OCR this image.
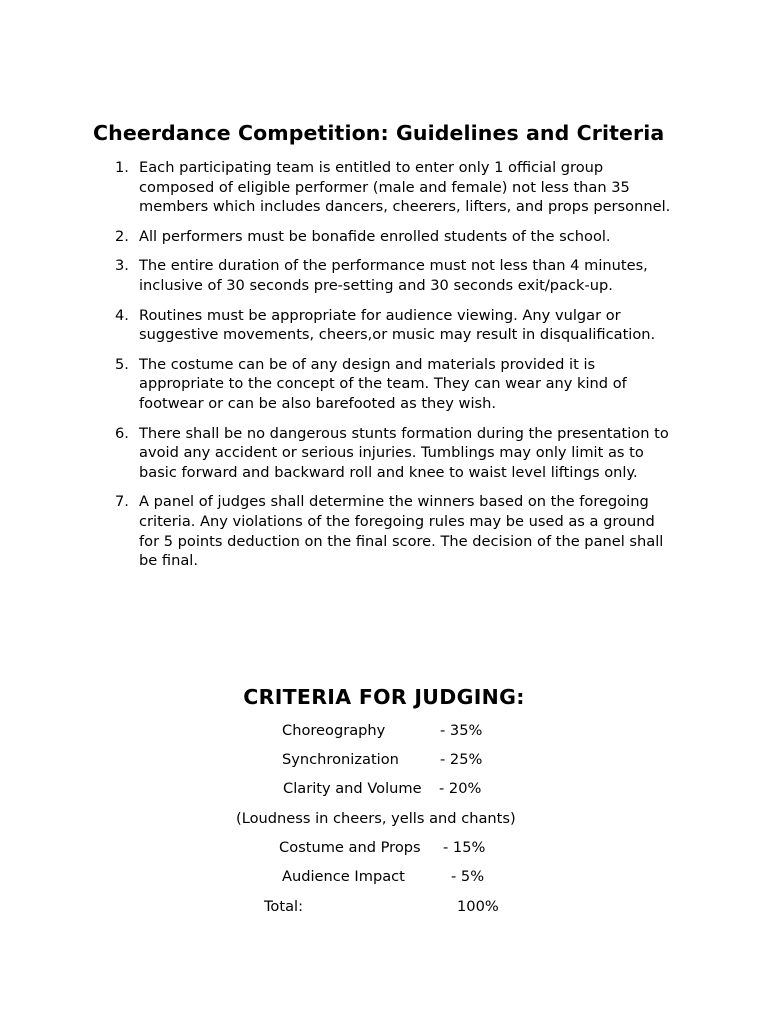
Cheerdance Competition: Guidelines and Criteria
1. Each participating team is entitled to enter only 1 official group composed of eligible performer (male and female) not less than 35 members which includes dancers, cheerers, lifters, and props personnel.
2. All performers must be bonafide enrolled students of the school.
3. The entire duration of the performance must not less than 4 minutes, inclusive of 30 seconds pre-setting and 30 seconds exit/pack-up.
4. Routines must be appropriate for audience viewing. Any vulgar or suggestive movements, cheers,or music may result in disqualification.
5. The costume can be of any design and materials provided it is appropriate to the concept of the team. They can wear any kind of footwear or can be also barefooted as they wish.
6. There shall be no dangerous stunts formation during the presentation to avoid any accident or serious injuries. Tumblings may only limit as to basic forward and backward roll and knee to waist level liftings only.
7. A panel of judges shall determine the winners based on the foregoing criteria. Any violations of the foregoing rules may be used as a ground for 5 points deduction on the final score. The decision of the panel shall be final.
CRITERIA FOR JUDGING:
Choreography	- 35%
Synchronization	- 25%
Clarity and Volume - 20%
(Loudness in cheers, yells and chants)
Costume and Props - 15%
Audience Impact	- 5%
Total:	100%
